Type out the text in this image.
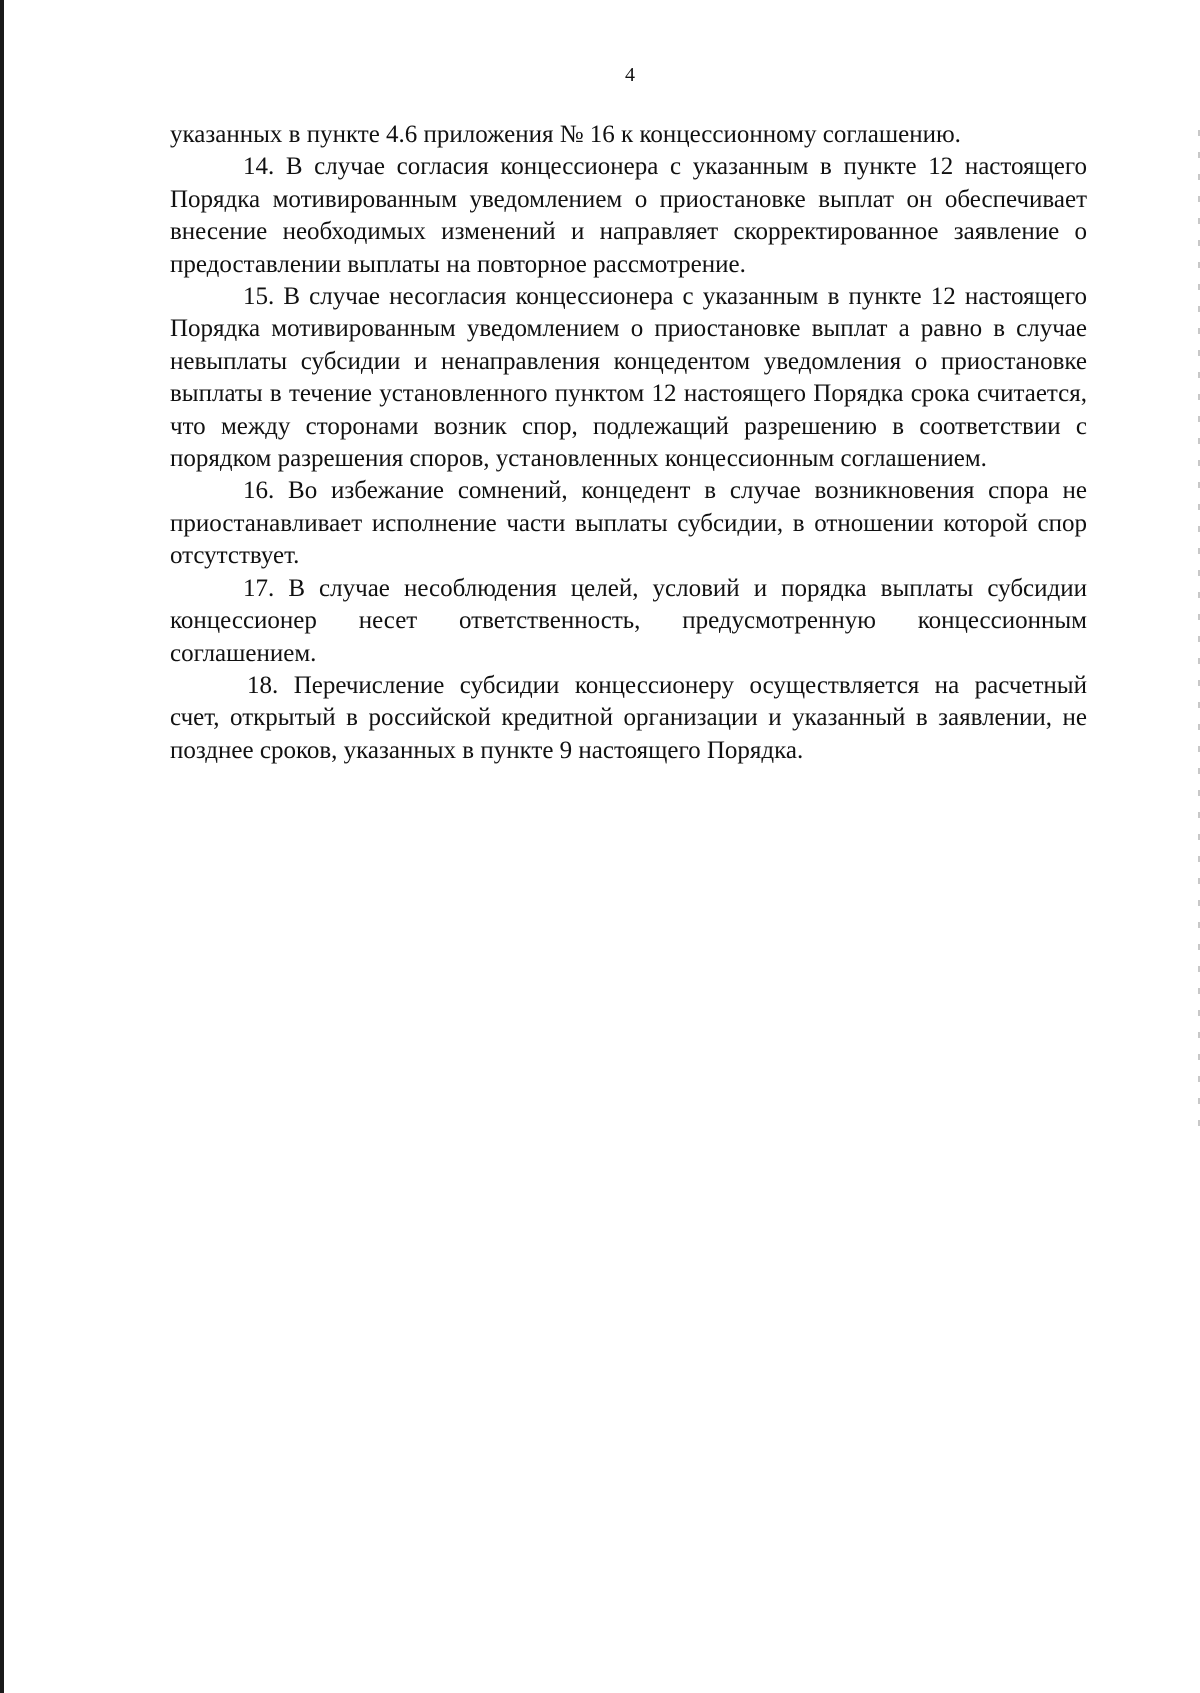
4

указанных в пункте 4.6 приложения № 16 к концессионному соглашению.

14. В случае согласия концессионера с указанным в пункте 12 настоящего Порядка мотивированным уведомлением о приостановке выплат он обеспечивает внесение необходимых изменений и направляет скорректированное заявление о предоставлении выплаты на повторное рассмотрение.

15. В случае несогласия концессионера с указанным в пункте 12 настоящего Порядка мотивированным уведомлением о приостановке выплат а равно в случае невыплаты субсидии и ненаправления концедентом уведомления о приостановке выплаты в течение установленного пунктом 12 настоящего Порядка срока считается, что между сторонами возник спор, подлежащий разрешению в соответствии с порядком разрешения споров, установленных концессионным соглашением.

16. Во избежание сомнений, концедент в случае возникновения спора не приостанавливает исполнение части выплаты субсидии, в отношении которой спор отсутствует.

17. В случае несоблюдения целей, условий и порядка выплаты субсидии концессионер несет ответственность, предусмотренную концессионным соглашением.

18. Перечисление субсидии концессионеру осуществляется на расчетный счет, открытый в российской кредитной организации и указанный в заявлении, не позднее сроков, указанных в пункте 9 настоящего Порядка.
